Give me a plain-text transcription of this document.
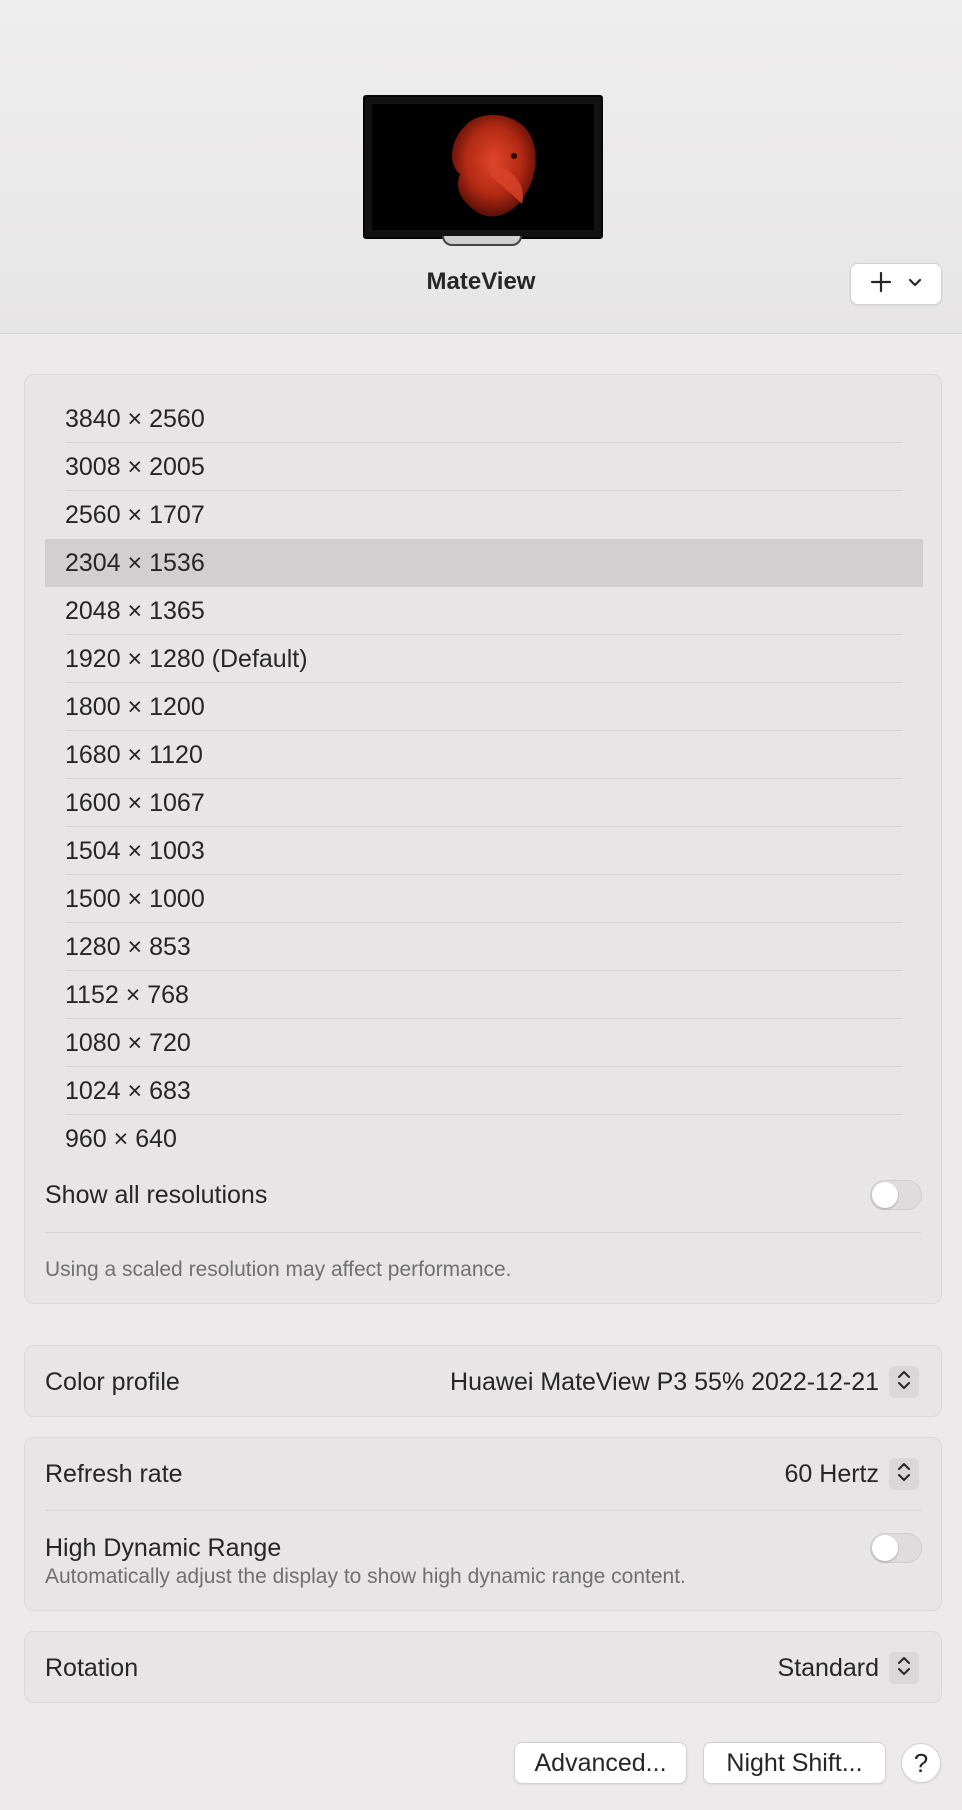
MateView
3840 × 2560
3008 × 2005
2560 × 1707
2304 × 1536
2048 × 1365
1920 × 1280 (Default)
1800 × 1200
1680 × 1120
1600 × 1067
1504 × 1003
1500 × 1000
1280 × 853
1152 × 768
1080 × 720
1024 × 683
960 × 640
Show all resolutions
Using a scaled resolution may affect performance.
Color profile	Huawei MateView P3 55% 2022-12-21
Refresh rate	60 Hertz
High Dynamic Range
Automatically adjust the display to show high dynamic range content.
Rotation	Standard
Advanced...	Night Shift...	?
